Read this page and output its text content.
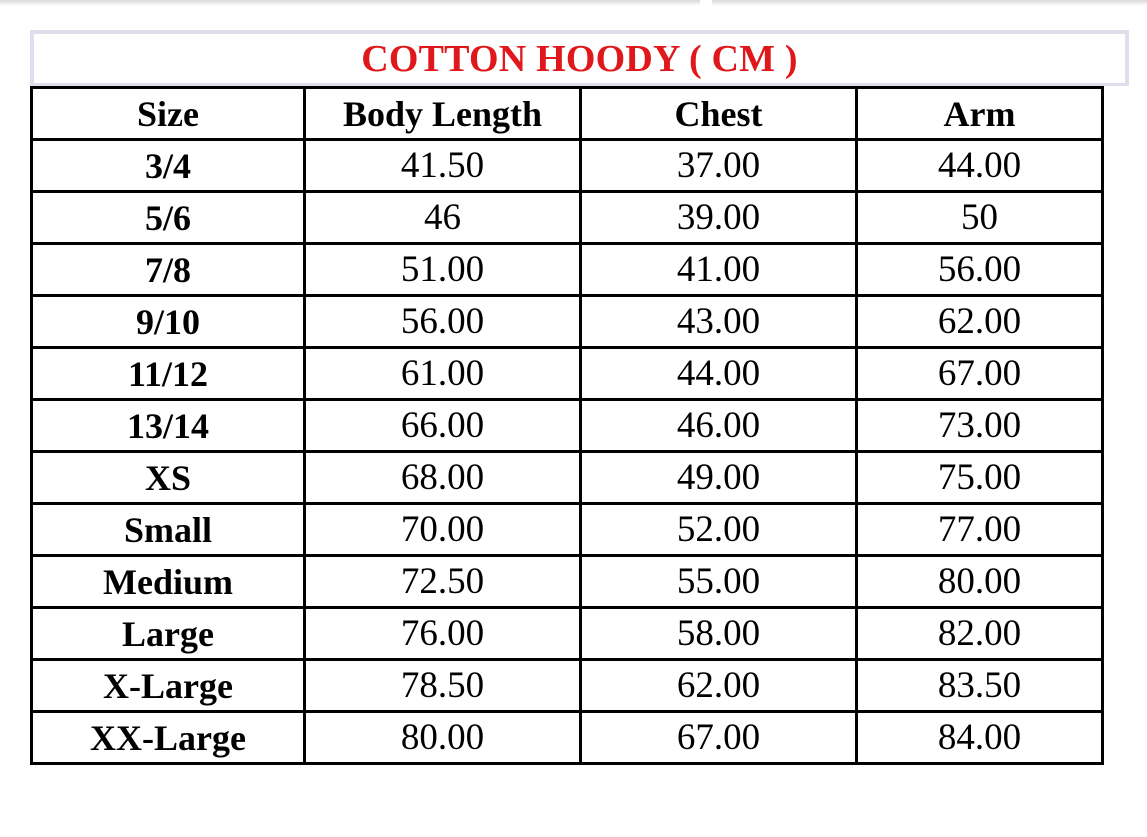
COTTON HOODY ( CM )
Size	Body Length	Chest	Arm
3/4	41.50	37.00	44.00
5/6	46	39.00	50
7/8	51.00	41.00	56.00
9/10	56.00	43.00	62.00
11/12	61.00	44.00	67.00
13/14	66.00	46.00	73.00
XS	68.00	49.00	75.00
Small	70.00	52.00	77.00
Medium	72.50	55.00	80.00
Large	76.00	58.00	82.00
X-Large	78.50	62.00	83.50
XX-Large	80.00	67.00	84.00
